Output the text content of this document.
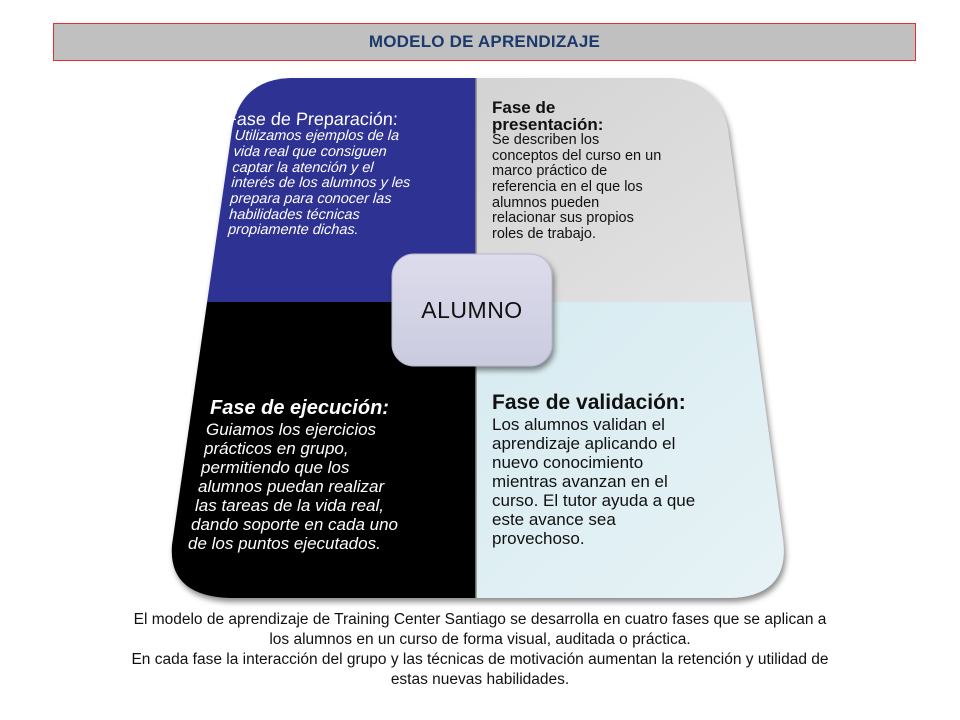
MODELO DE APRENDIZAJE
Fase de Preparación:
Utilizamos ejemplos de la
vida real que consiguen
captar la atención y el
interés de los alumnos y les
prepara para conocer las
habilidades técnicas
propiamente dichas.
Fase de
presentación:
Se describen los
conceptos del curso en un
marco práctico de
referencia en el que los
alumnos pueden
relacionar sus propios
roles de trabajo.
Fase de ejecución:
Guiamos los ejercicios
prácticos en grupo,
permitiendo que los
alumnos puedan realizar
las tareas de la vida real,
dando soporte en cada uno
de los puntos ejecutados.
Fase de validación:
Los alumnos validan el
aprendizaje aplicando el
nuevo conocimiento
mientras avanzan en el
curso. El tutor ayuda a que
este avance sea
provechoso.
ALUMNO
El modelo de aprendizaje de Training Center Santiago se desarrolla en cuatro fases que se aplican a
los alumnos en un curso de forma visual, auditada o práctica.
En cada fase la interacción del grupo y las técnicas de motivación aumentan la retención y utilidad de
estas nuevas habilidades.
